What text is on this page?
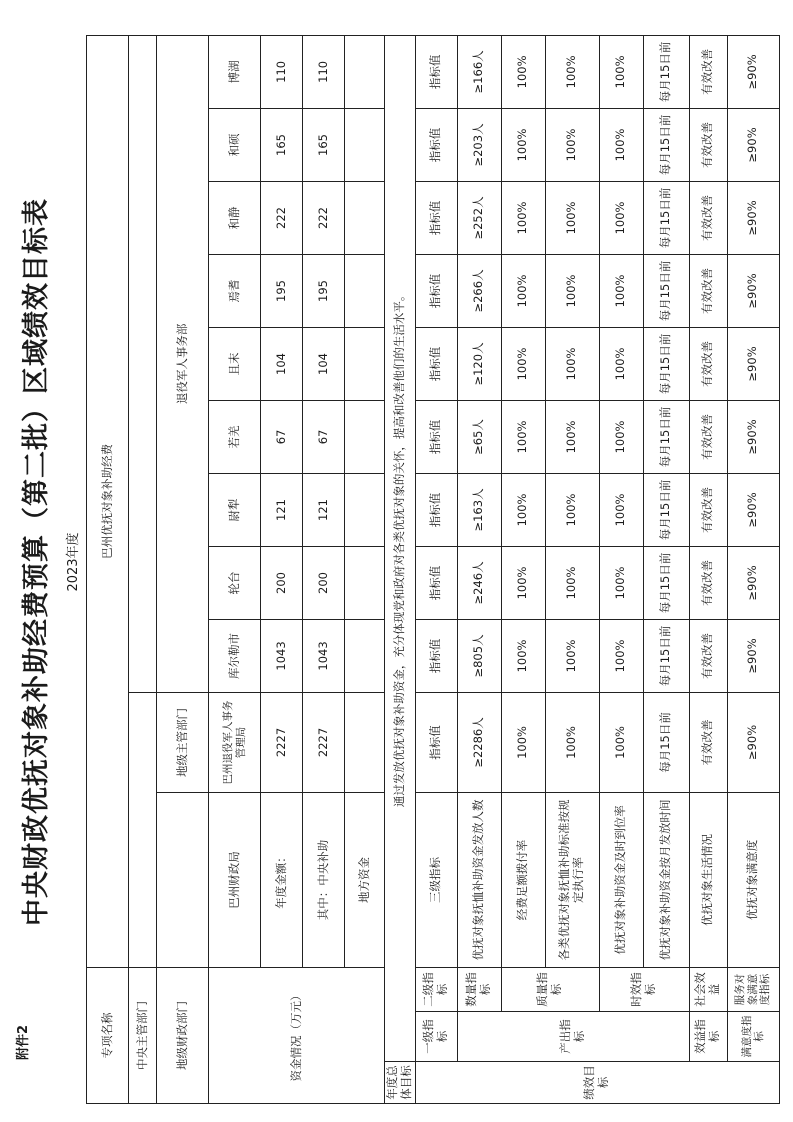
附件2
中央财政优抚对象补助经费预算（第二批）区域绩效目标表	2023年度
专项名称			巴州优抚对象补助经费										
中央主管部门													
地级财政部门				地级主管部门	退役军人事务部								
资金情况（万元）			巴州财政局	巴州退役军人事务管理局	库尔勒市	轮台	尉犁	若羌	且末	焉耆	和静	和硕	博湖
			年度金额：	2227	1043	200	121	67	104	195	222	165	110
			其中：中央补助	2227	1043	200	121	67	104	195	222	165	110
			地方资金										
年度总体目标	通过发放优抚对象补助资金，充分体现党和政府对各类优抚对象的关怀，提高和改善他们的生活水平。												
绩效目标	一级指标	二级指标	三级指标	指标值	指标值	指标值	指标值	指标值	指标值	指标值	指标值	指标值	指标值
	产出指标	数量指标	优抚对象抚恤补助资金发放人数	≥2286人	≥805人	≥246人	≥163人	≥65人	≥120人	≥266人	≥252人	≥203人	≥166人
		质量指标	经费足额拨付率	100%	100%	100%	100%	100%	100%	100%	100%	100%	100%
			各类优抚对象抚恤补助标准按规定执行率	100%	100%	100%	100%	100%	100%	100%	100%	100%	100%
		时效指标	优抚对象补助资金及时到位率	100%	100%	100%	100%	100%	100%	100%	100%	100%	100%
			优抚对象补助资金按月发放时间	每月15日前	每月15日前	每月15日前	每月15日前	每月15日前	每月15日前	每月15日前	每月15日前	每月15日前	每月15日前
	效益指标	社会效益	优抚对象生活情况	有效改善	有效改善	有效改善	有效改善	有效改善	有效改善	有效改善	有效改善	有效改善	有效改善
	满意度指标	服务对象满意度指标	优抚对象满意度	≥90%	≥90%	≥90%	≥90%	≥90%	≥90%	≥90%	≥90%	≥90%	≥90%
